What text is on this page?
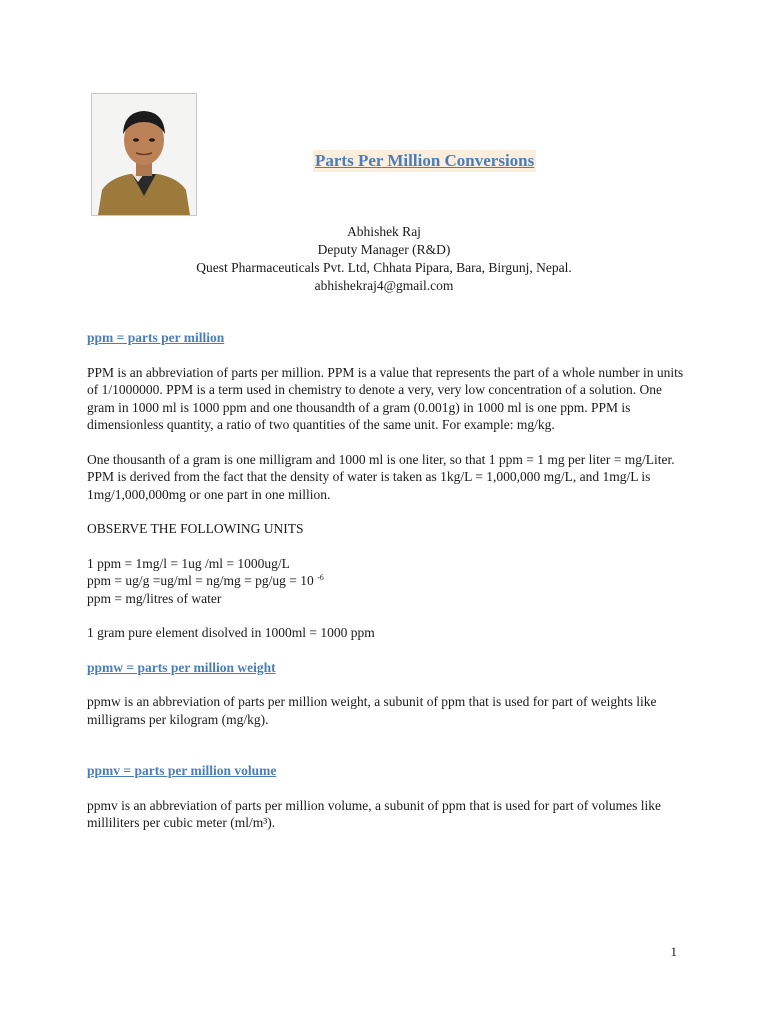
Parts Per Million Conversions
Abhishek Raj
Deputy Manager (R&D)
Quest Pharmaceuticals Pvt. Ltd, Chhata Pipara, Bara, Birgunj, Nepal.
abhishekraj4@gmail.com

ppm = parts per million

PPM is an abbreviation of parts per million. PPM is a value that represents the part of a whole number in units of 1/1000000. PPM is a term used in chemistry to denote a very, very low concentration of a solution. One gram in 1000 ml is 1000 ppm and one thousandth of a gram (0.001g) in 1000 ml is one ppm. PPM is dimensionless quantity, a ratio of two quantities of the same unit. For example: mg/kg.

One thousanth of a gram is one milligram and 1000 ml is one liter, so that 1 ppm = 1 mg per liter = mg/Liter.

PPM is derived from the fact that the density of water is taken as 1kg/L = 1,000,000 mg/L, and 1mg/L is 1mg/1,000,000mg or one part in one million.

OBSERVE THE FOLLOWING UNITS

1 ppm = 1mg/l = 1ug /ml = 1000ug/L

ppm = ug/g =ug/ml = ng/mg = pg/ug = 10 $^{-6}$

ppm = mg/litres of water

1 gram pure element disolved in 1000ml = 1000 ppm

ppmw = parts per million weight

ppmw is an abbreviation of parts per million weight, a subunit of ppm that is used for part of weights like milligrams per kilogram (mg/kg).

ppmv = parts per million volume

ppmv is an abbreviation of parts per million volume, a subunit of ppm that is used for part of volumes like milliliters per cubic meter (ml/m³).

1
